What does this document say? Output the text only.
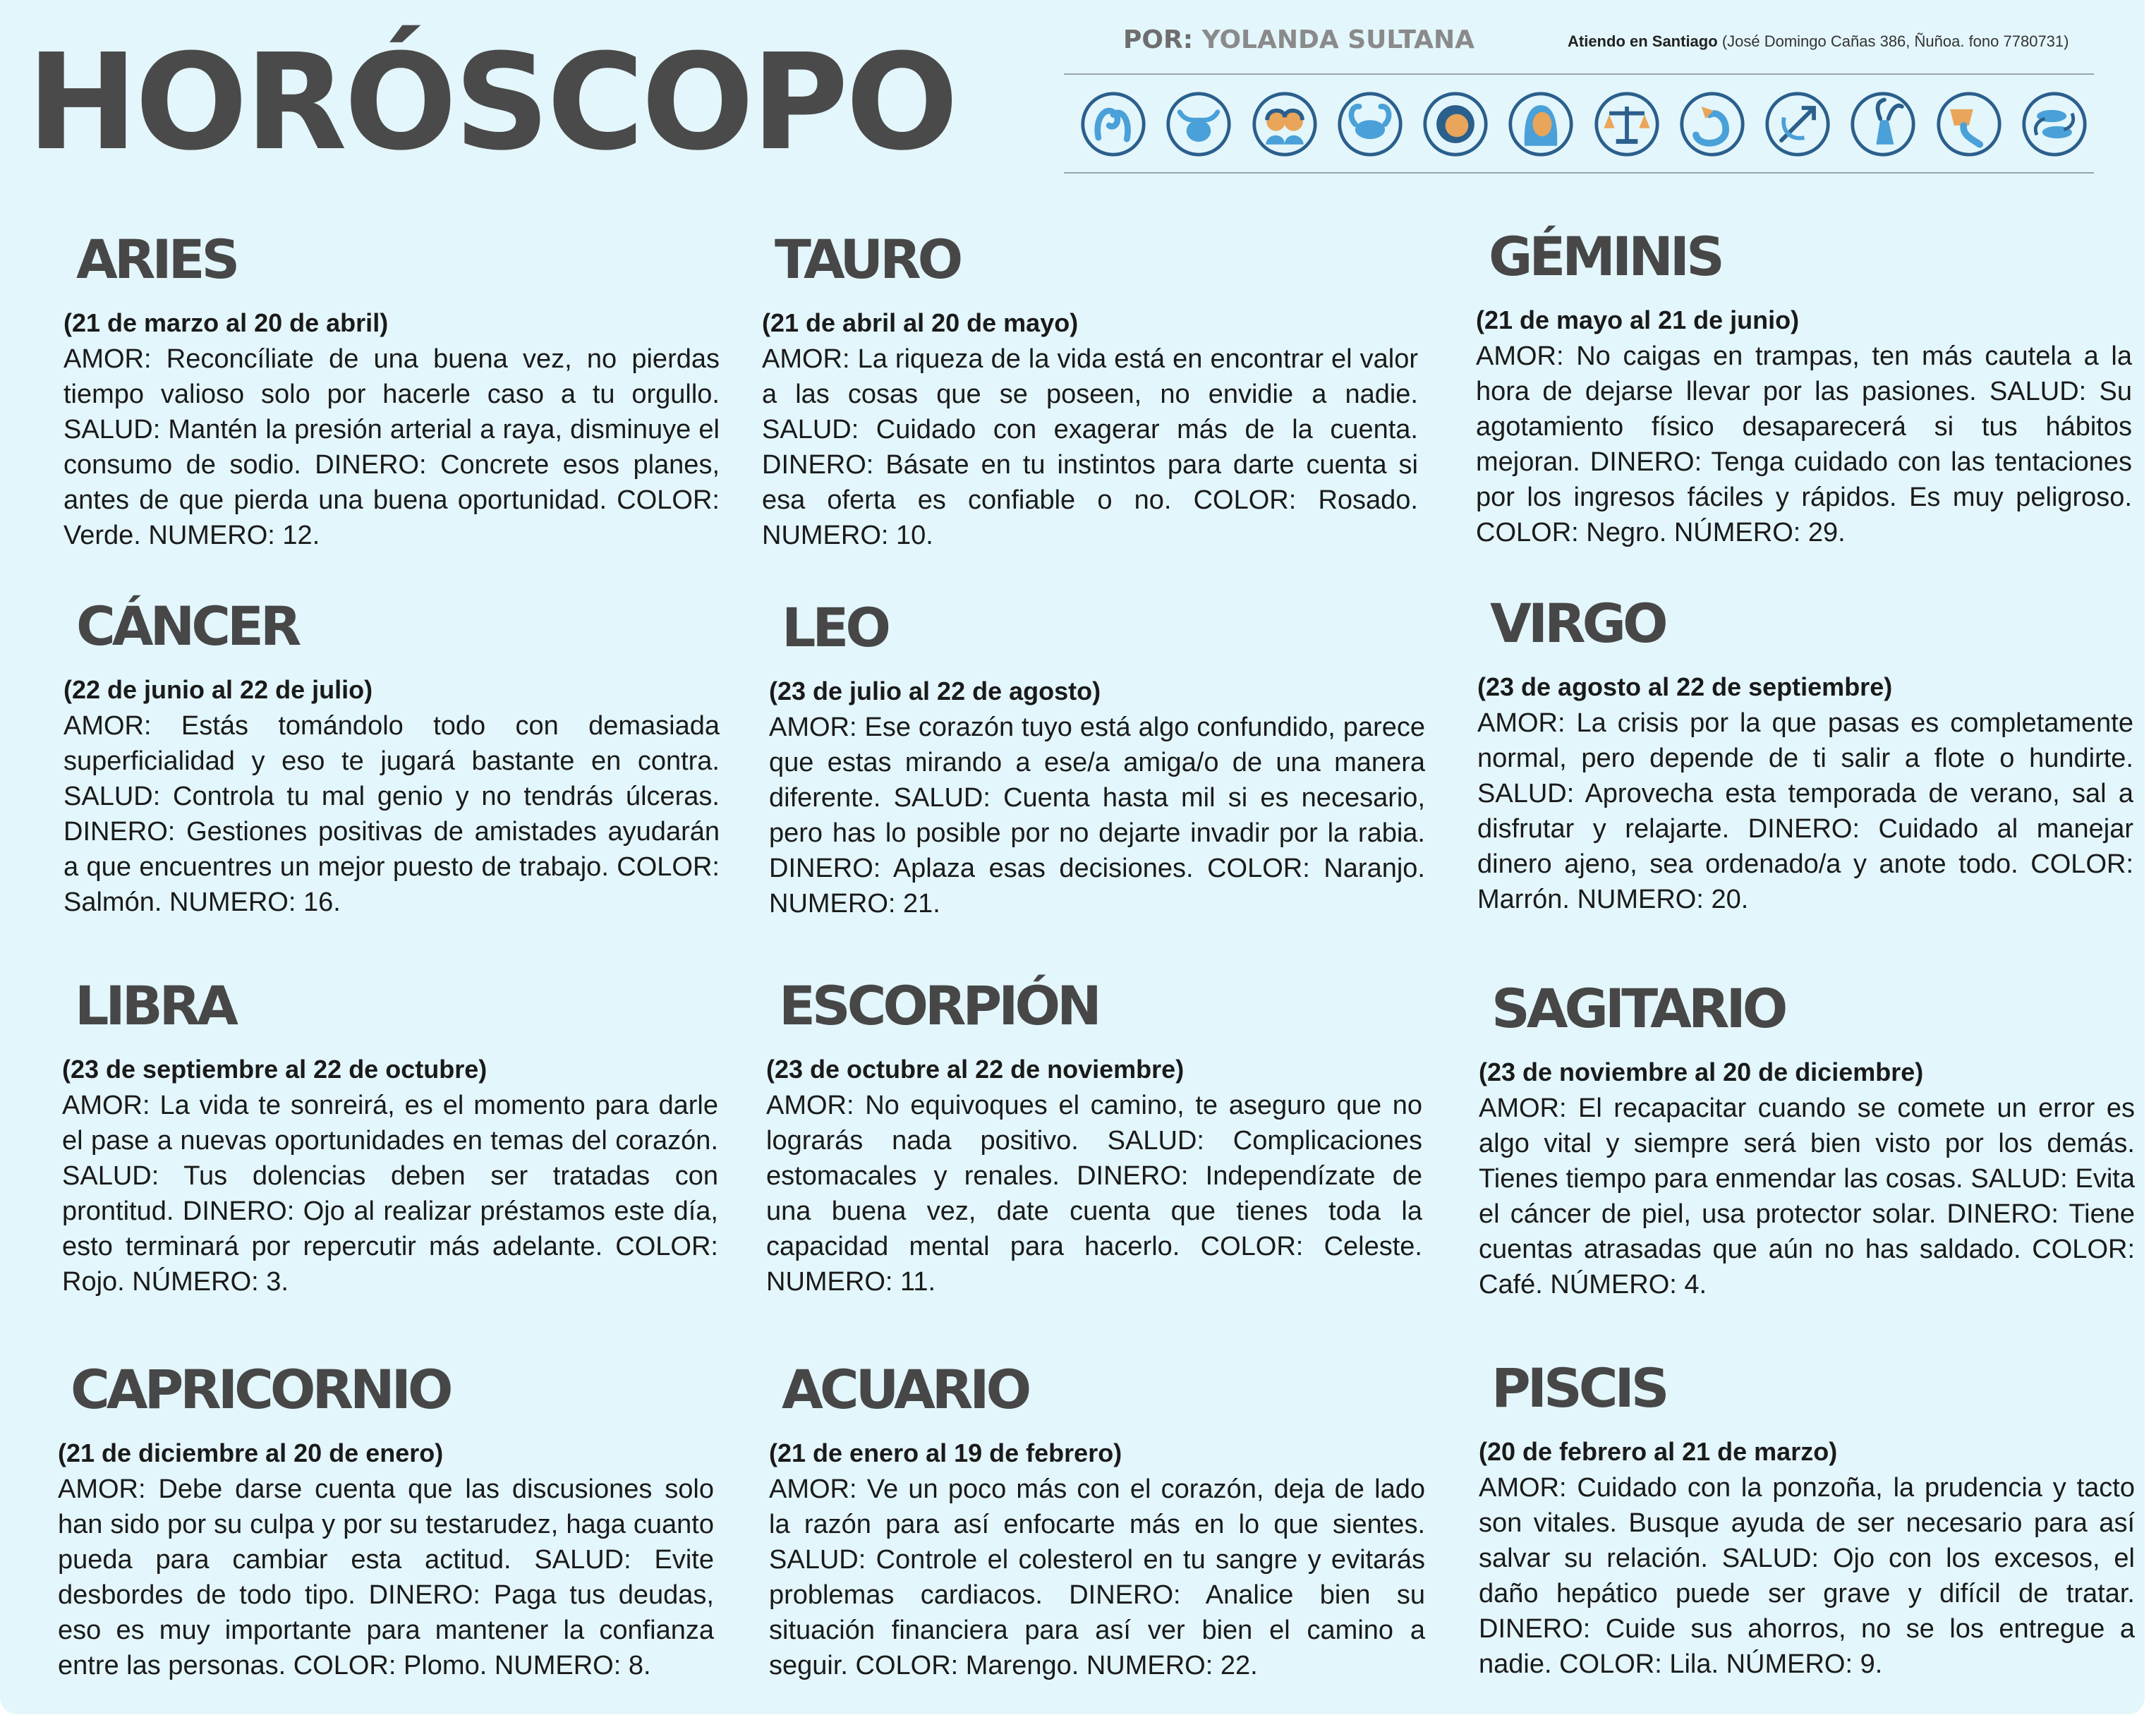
HORÓSCOPO	POR: YOLANDA SULTANA	Atiendo en Santiago (José Domingo Cañas 386, Ñuñoa. fono 7780731)
ARIES

(21 de marzo al 20 de abril)

AMOR: Reconcíliate de una buena vez, no pierdas tiempo valioso solo por hacerle caso a tu orgullo. SALUD: Mantén la presión arterial a raya, disminuye el consumo de sodio. DINERO: Concrete esos planes, antes de que pierda una buena oportunidad. COLOR: Verde. NUMERO: 12.

TAURO

(21 de abril al 20 de mayo)

AMOR: La riqueza de la vida está en encontrar el valor a las cosas que se poseen, no envidie a nadie. SALUD: Cuidado con exagerar más de la cuenta. DINERO: Básate en tu instintos para darte cuenta si esa oferta es confiable o no. COLOR: Rosado. NUMERO: 10.

GÉMINIS

(21 de mayo al 21 de junio)

AMOR: No caigas en trampas, ten más cautela a la hora de dejarse llevar por las pasiones. SALUD: Su agotamiento físico desaparecerá si tus hábitos mejoran. DINERO: Tenga cuidado con las tentaciones por los ingresos fáciles y rápidos. Es muy peligroso. COLOR: Negro. NÚMERO: 29.

CÁNCER

(22 de junio al 22 de julio)

AMOR: Estás tomándolo todo con demasiada superficialidad y eso te jugará bastante en contra. SALUD: Controla tu mal genio y no tendrás úlceras. DINERO: Gestiones positivas de amistades ayudarán a que encuentres un mejor puesto de trabajo. COLOR: Salmón. NUMERO: 16.

LEO

(23 de julio al 22 de agosto)

AMOR: Ese corazón tuyo está algo confundido, parece que estas mirando a ese/a amiga/o de una manera diferente. SALUD: Cuenta hasta mil si es necesario, pero has lo posible por no dejarte invadir por la rabia. DINERO: Aplaza esas decisiones. COLOR: Naranjo. NUMERO: 21.

VIRGO

(23 de agosto al 22 de septiembre)

AMOR: La crisis por la que pasas es completamente normal, pero depende de ti salir a flote o hundirte. SALUD: Aprovecha esta temporada de verano, sal a disfrutar y relajarte. DINERO: Cuidado al manejar dinero ajeno, sea ordenado/a y anote todo. COLOR: Marrón. NUMERO: 20.

LIBRA

(23 de septiembre al 22 de octubre)

AMOR: La vida te sonreirá, es el momento para darle el pase a nuevas oportunidades en temas del corazón. SALUD: Tus dolencias deben ser tratadas con prontitud. DINERO: Ojo al realizar préstamos este día, esto terminará por repercutir más adelante. COLOR: Rojo. NÚMERO: 3.

ESCORPIÓN

(23 de octubre al 22 de noviembre)

AMOR: No equivoques el camino, te aseguro que no lograrás nada positivo. SALUD: Complicaciones estomacales y renales. DINERO: Independízate de una buena vez, date cuenta que tienes toda la capacidad mental para hacerlo. COLOR: Celeste. NUMERO: 11.

SAGITARIO

(23 de noviembre al 20 de diciembre)

AMOR: El recapacitar cuando se comete un error es algo vital y siempre será bien visto por los demás. Tienes tiempo para enmendar las cosas. SALUD: Evita el cáncer de piel, usa protector solar. DINERO: Tiene cuentas atrasadas que aún no has saldado. COLOR: Café. NÚMERO: 4.

CAPRICORNIO

(21 de diciembre al 20 de enero)

AMOR: Debe darse cuenta que las discusiones solo han sido por su culpa y por su testarudez, haga cuanto pueda para cambiar esta actitud. SALUD: Evite desbordes de todo tipo. DINERO: Paga tus deudas, eso es muy importante para mantener la confianza entre las personas. COLOR: Plomo. NUMERO: 8.

ACUARIO

(21 de enero al 19 de febrero)

AMOR: Ve un poco más con el corazón, deja de lado la razón para así enfocarte más en lo que sientes. SALUD: Controle el colesterol en tu sangre y evitarás problemas cardiacos. DINERO: Analice bien su situación financiera para así ver bien el camino a seguir. COLOR: Marengo. NUMERO: 22.

PISCIS

(20 de febrero al 21 de marzo)

AMOR: Cuidado con la ponzoña, la prudencia y tacto son vitales. Busque ayuda de ser necesario para así salvar su relación. SALUD: Ojo con los excesos, el daño hepático puede ser grave y difícil de tratar. DINERO: Cuide sus ahorros, no se los entregue a nadie. COLOR: Lila. NÚMERO: 9.
